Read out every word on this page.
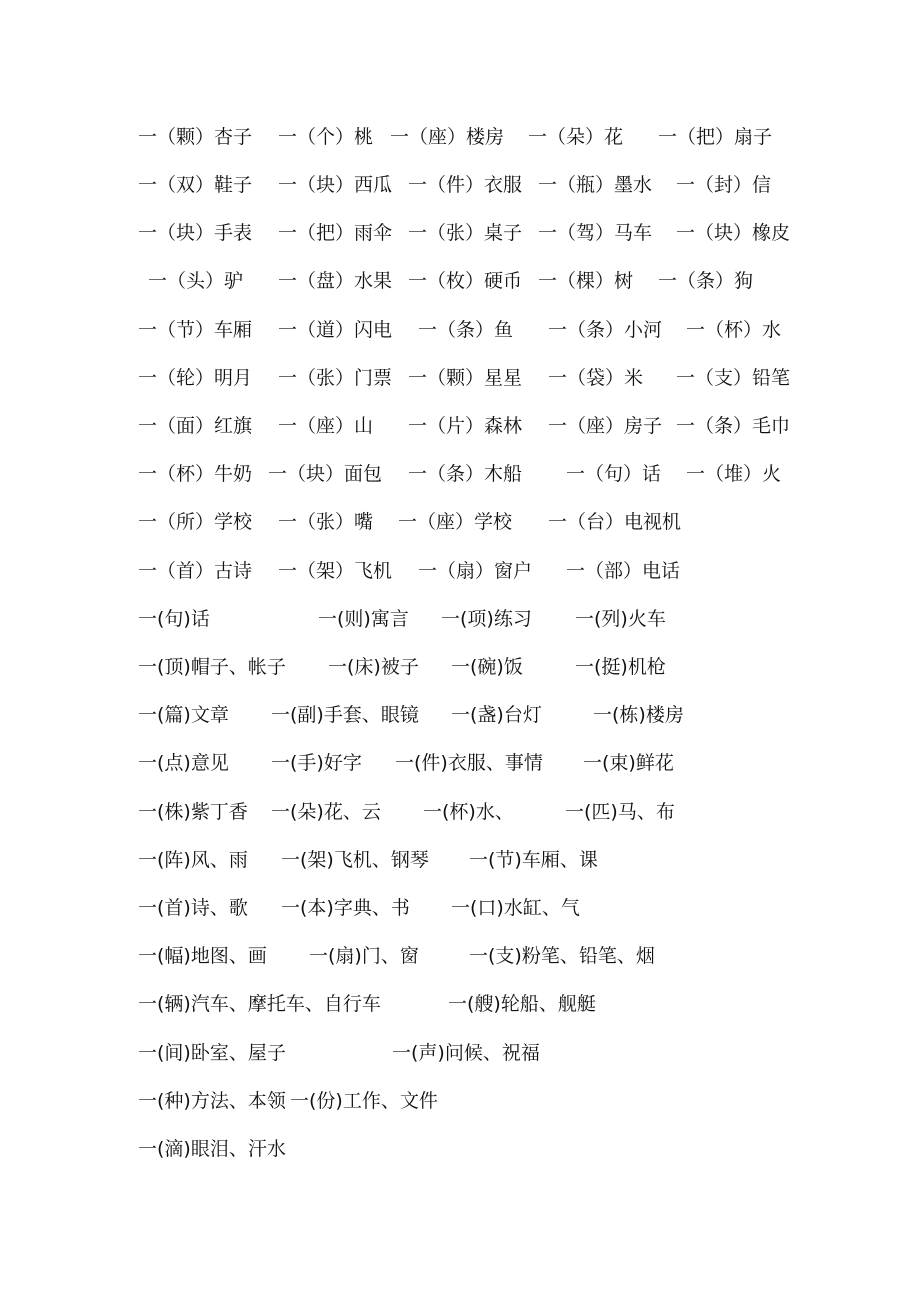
一（颗）杏子 一（个）桃 一（座）楼房 一（朵）花 一（把）扇子
一（双）鞋子 一（块）西瓜 一（件）衣服 一（瓶）墨水 一（封）信
一（块）手表 一（把）雨伞 一（张）桌子 一（驾）马车 一（块）橡皮
一（头）驴 一（盘）水果 一（枚）硬币 一（棵）树 一（条）狗
一（节）车厢 一（道）闪电 一（条）鱼 一（条）小河 一（杯）水
一（轮）明月 一（张）门票 一（颗）星星 一（袋）米 一（支）铅笔
一（面）红旗 一（座）山 一（片）森林 一（座）房子 一（条）毛巾
一（杯）牛奶 一（块）面包 一（条）木船 一（句）话 一（堆）火
一（所）学校 一（张）嘴 一（座）学校 一（台）电视机
一（首）古诗 一（架）飞机 一（扇）窗户 一（部）电话
一(句)话	一(则)寓言 一(项)练习 一(列)火车
一(顶)帽子、帐子 一(床)被子 一(碗)饭	一(挺)机枪
一(篇)文章 一(副)手套、眼镜 一(盏)台灯	一(栋)楼房
一(点)意见 一(手)好字 一(件)衣服、事情 一(束)鲜花
一(株)紫丁香 一(朵)花、云 一(杯)水、	一(匹)马、布
一(阵)风、雨 一(架)飞机、钢琴 一(节)车厢、课
一(首)诗、歌 一(本)字典、书 一(口)水缸、气
一(幅)地图、画 一(扇)门、窗	一(支)粉笔、铅笔、烟
一(辆)汽车、摩托车、自行车	一(艘)轮船、舰艇
一(间)卧室、屋子	一(声)问候、祝福
一(种)方法、本领 一(份)工作、文件
一(滴)眼泪、汗水
